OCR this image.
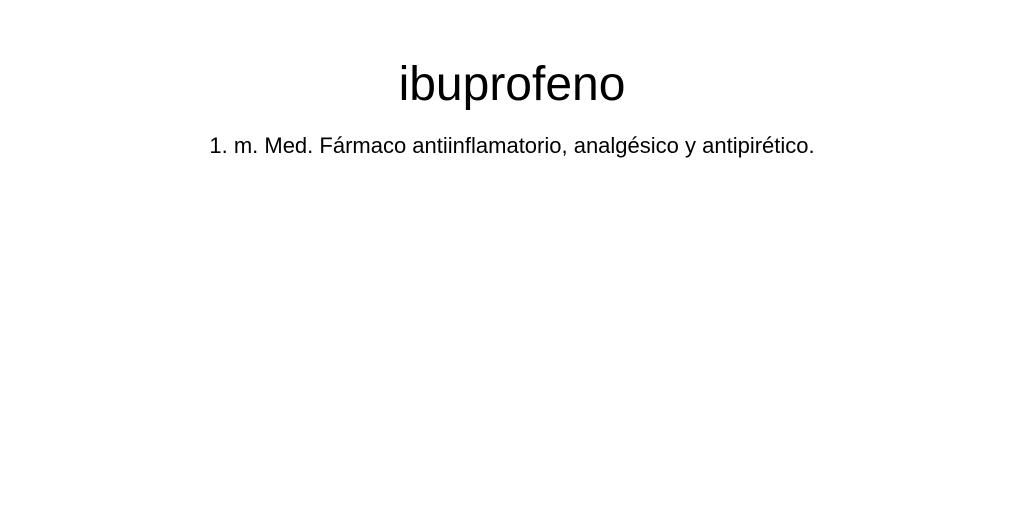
ibuprofeno

1. m. Med. Fármaco antiinflamatorio, analgésico y antipirético.
